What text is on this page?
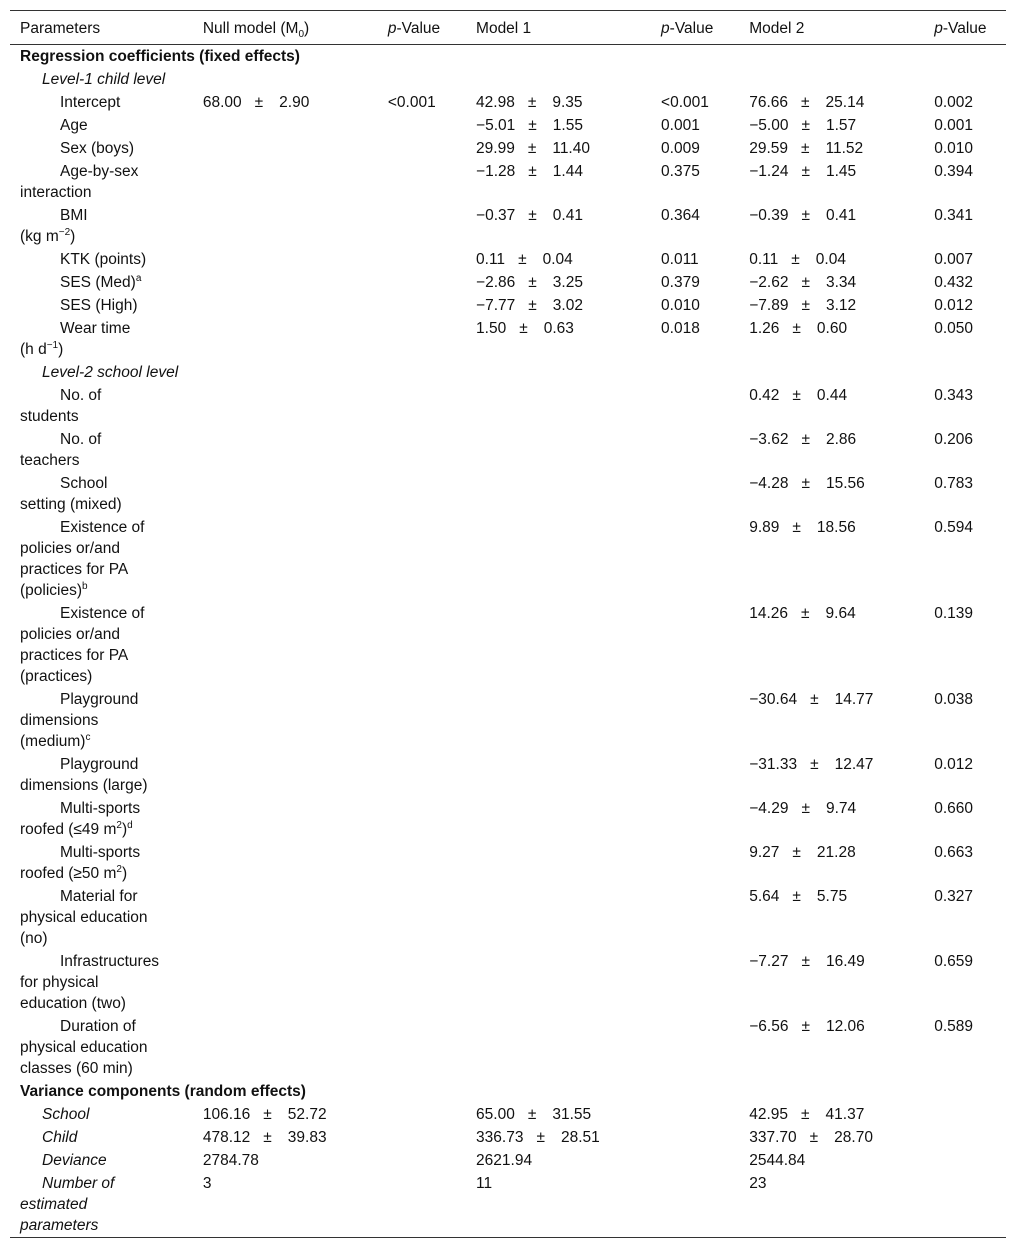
Parameters	Null model $(M_0)$	p-Value	Model 1	p-Value	Model 2	p-Value
Regression coefficients (fixed effects)						
Level-1 child level						
Intercept	68.00 ± 2.90	<0.001	42.98 ± 9.35	<0.001	76.66 ± 25.14	0.002
Age			−5.01 ± 1.55	0.001	−5.00 ± 1.57	0.001
Sex (boys)			29.99 ± 11.40	0.009	29.59 ± 11.52	0.010
Age-by-sex
interaction			−1.28 ± 1.44	0.375	−1.24 ± 1.45	0.394
BMI
(kg $m^{-2}$)			−0.37 ± 0.41	0.364	−0.39 ± 0.41	0.341
KTK (points)			0.11 ± 0.04	0.011	0.11 ± 0.04	0.007
SES (Med)$^a$			−2.86 ± 3.25	0.379	−2.62 ± 3.34	0.432
SES (High)			−7.77 ± 3.02	0.010	−7.89 ± 3.12	0.012
Wear time
(h $d^{-1}$)			1.50 ± 0.63	0.018	1.26 ± 0.60	0.050
Level-2 school level						
No. of
students					0.42 ± 0.44	0.343
No. of
teachers					−3.62 ± 2.86	0.206
School
setting (mixed)					−4.28 ± 15.56	0.783
Existence of
policies or/and
practices for PA
(policies)$^b$					9.89 ± 18.56	0.594
Existence of
policies or/and
practices for PA
(practices)					14.26 ± 9.64	0.139
Playground
dimensions
(medium)$^c$					−30.64 ± 14.77	0.038
Playground
dimensions (large)					−31.33 ± 12.47	0.012
Multi-sports
roofed (≤49 $m^2)^d$					−4.29 ± 9.74	0.660
Multi-sports
roofed (≥50 $m^2$)					9.27 ± 21.28	0.663
Material for
physical education
(no)					5.64 ± 5.75	0.327
Infrastructures
for physical
education (two)					−7.27 ± 16.49	0.659
Duration of
physical education
classes (60 min)					−6.56 ± 12.06	0.589
Variance components (random effects)						
School	106.16 ± 52.72		65.00 ± 31.55		42.95 ± 41.37	
Child	478.12 ± 39.83		336.73 ± 28.51		337.70 ± 28.70	
Deviance	2784.78		2621.94		2544.84	
Number of
estimated
parameters	3		11		23	
